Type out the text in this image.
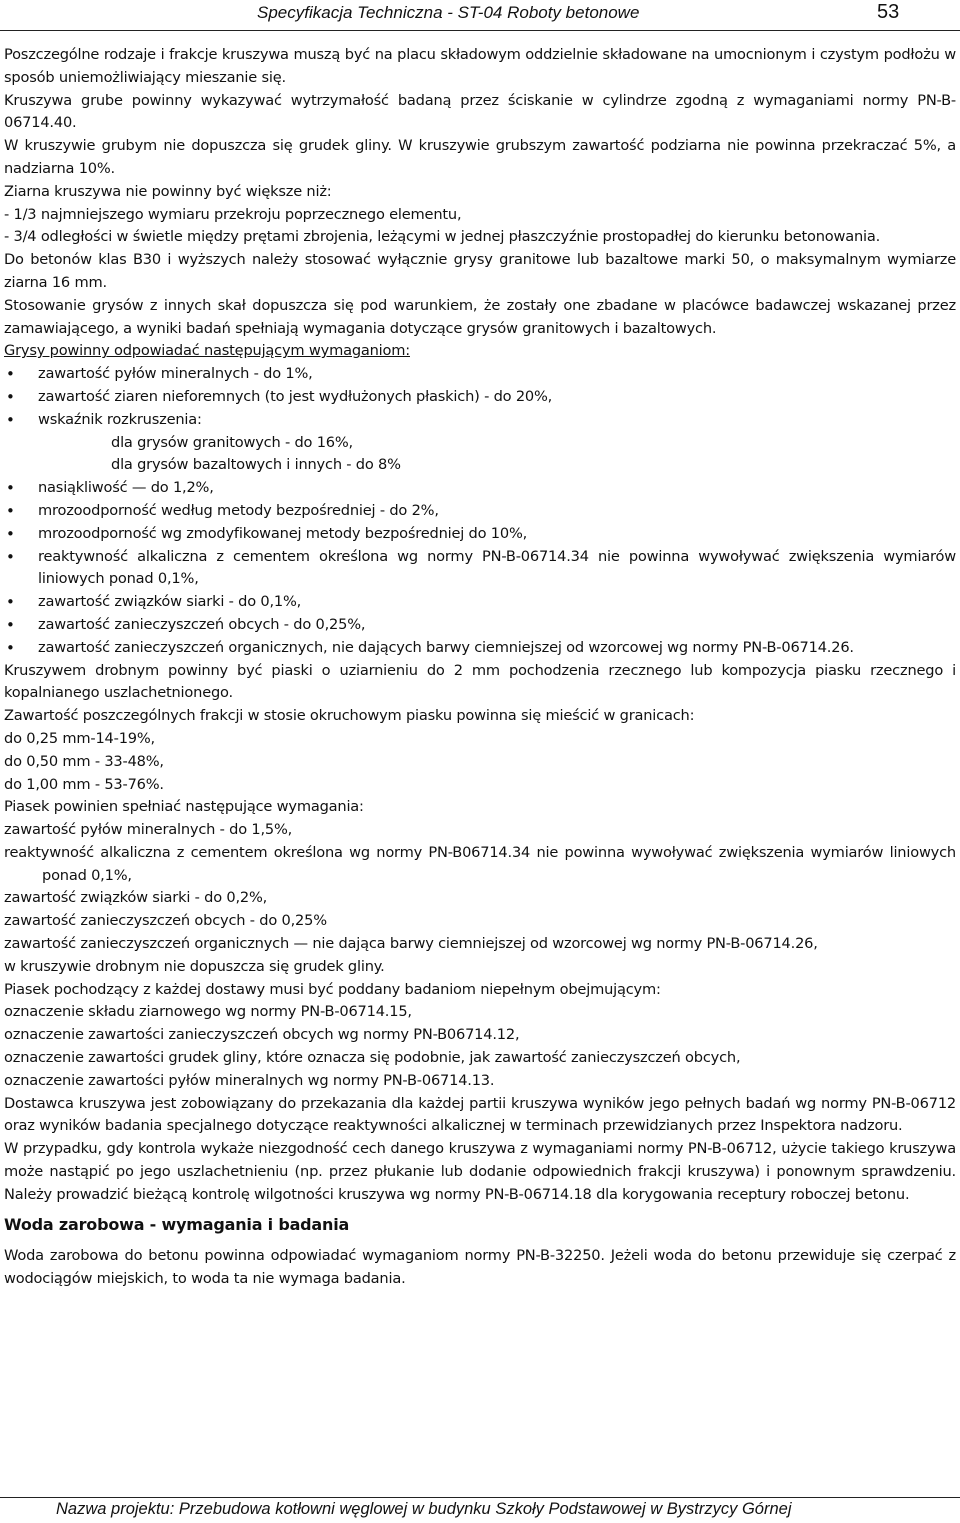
Specyfikacja Techniczna - ST-04 Roboty betonowe	53

Poszczególne rodzaje i frakcje kruszywa muszą być na placu składowym oddzielnie składowane na umocnionym i czystym podłożu w sposób uniemożliwiający mieszanie się.

Kruszywa grube powinny wykazywać wytrzymałość badaną przez ściskanie w cylindrze zgodną z wymaganiami normy PN-B-06714.40.

W kruszywie grubym nie dopuszcza się grudek gliny. W kruszywie grubszym zawartość podziarna nie powinna przekraczać 5%, a nadziarna 10%.

Ziarna kruszywa nie powinny być większe niż:

- 1/3 najmniejszego wymiaru przekroju poprzecznego elementu,

- 3/4 odległości w świetle między prętami zbrojenia, leżącymi w jednej płaszczyźnie prostopadłej do kierunku betonowania.

Do betonów klas B30 i wyższych należy stosować wyłącznie grysy granitowe lub bazaltowe marki 50, o maksymalnym wymiarze ziarna 16 mm.

Stosowanie grysów z innych skał dopuszcza się pod warunkiem, że zostały one zbadane w placówce badawczej wskazanej przez zamawiającego, a wyniki badań spełniają wymagania dotyczące grysów granitowych i bazaltowych.

Grysy powinny odpowiadać następującym wymaganiom:

• zawartość pyłów mineralnych - do 1%,
• zawartość ziaren nieforemnych (to jest wydłużonych płaskich) - do 20%,
• wskaźnik rozkruszenia:

dla grysów granitowych - do 16%,

dla grysów bazaltowych i innych - do 8%

• nasiąkliwość — do 1,2%,
• mrozoodporność według metody bezpośredniej - do 2%,
• mrozoodporność wg zmodyfikowanej metody bezpośredniej do 10%,
• reaktywność alkaliczna z cementem określona wg normy PN-B-06714.34 nie powinna wywoływać zwiększenia wymiarów liniowych ponad 0,1%,
• zawartość związków siarki - do 0,1%,
• zawartość zanieczyszczeń obcych - do 0,25%,
• zawartość zanieczyszczeń organicznych, nie dających barwy ciemniejszej od wzorcowej wg normy PN-B-06714.26.

Kruszywem drobnym powinny być piaski o uziarnieniu do 2 mm pochodzenia rzecznego lub kompozycja piasku rzecznego i kopalnianego uszlachetnionego.

Zawartość poszczególnych frakcji w stosie okruchowym piasku powinna się mieścić w granicach:

do 0,25 mm-14-19%,

do 0,50 mm - 33-48%,

do 1,00 mm - 53-76%.

Piasek powinien spełniać następujące wymagania:

zawartość pyłów mineralnych - do 1,5%,

reaktywność alkaliczna z cementem określona wg normy PN-B06714.34 nie powinna wywoływać zwiększenia wymiarów liniowych ponad 0,1%,

zawartość związków siarki - do 0,2%,

zawartość zanieczyszczeń obcych - do 0,25%

zawartość zanieczyszczeń organicznych — nie dająca barwy ciemniejszej od wzorcowej wg normy PN-B-06714.26,

w kruszywie drobnym nie dopuszcza się grudek gliny.

Piasek pochodzący z każdej dostawy musi być poddany badaniom niepełnym obejmującym:

oznaczenie składu ziarnowego wg normy PN-B-06714.15,

oznaczenie zawartości zanieczyszczeń obcych wg normy PN-B06714.12,

oznaczenie zawartości grudek gliny, które oznacza się podobnie, jak zawartość zanieczyszczeń obcych,

oznaczenie zawartości pyłów mineralnych wg normy PN-B-06714.13.

Dostawca kruszywa jest zobowiązany do przekazania dla każdej partii kruszywa wyników jego pełnych badań wg normy PN-B-06712 oraz wyników badania specjalnego dotyczące reaktywności alkalicznej w terminach przewidzianych przez Inspektora nadzoru.

W przypadku, gdy kontrola wykaże niezgodność cech danego kruszywa z wymaganiami normy PN-B-06712, użycie takiego kruszywa może nastąpić po jego uszlachetnieniu (np. przez płukanie lub dodanie odpowiednich frakcji kruszywa) i ponownym sprawdzeniu. Należy prowadzić bieżącą kontrolę wilgotności kruszywa wg normy PN-B-06714.18 dla korygowania receptury roboczej betonu.

Woda zarobowa - wymagania i badania

Woda zarobowa do betonu powinna odpowiadać wymaganiom normy PN-B-32250. Jeżeli woda do betonu przewiduje się czerpać z wodociągów miejskich, to woda ta nie wymaga badania.

Nazwa projektu: Przebudowa kotłowni węglowej w budynku Szkoły Podstawowej w Bystrzycy Górnej
